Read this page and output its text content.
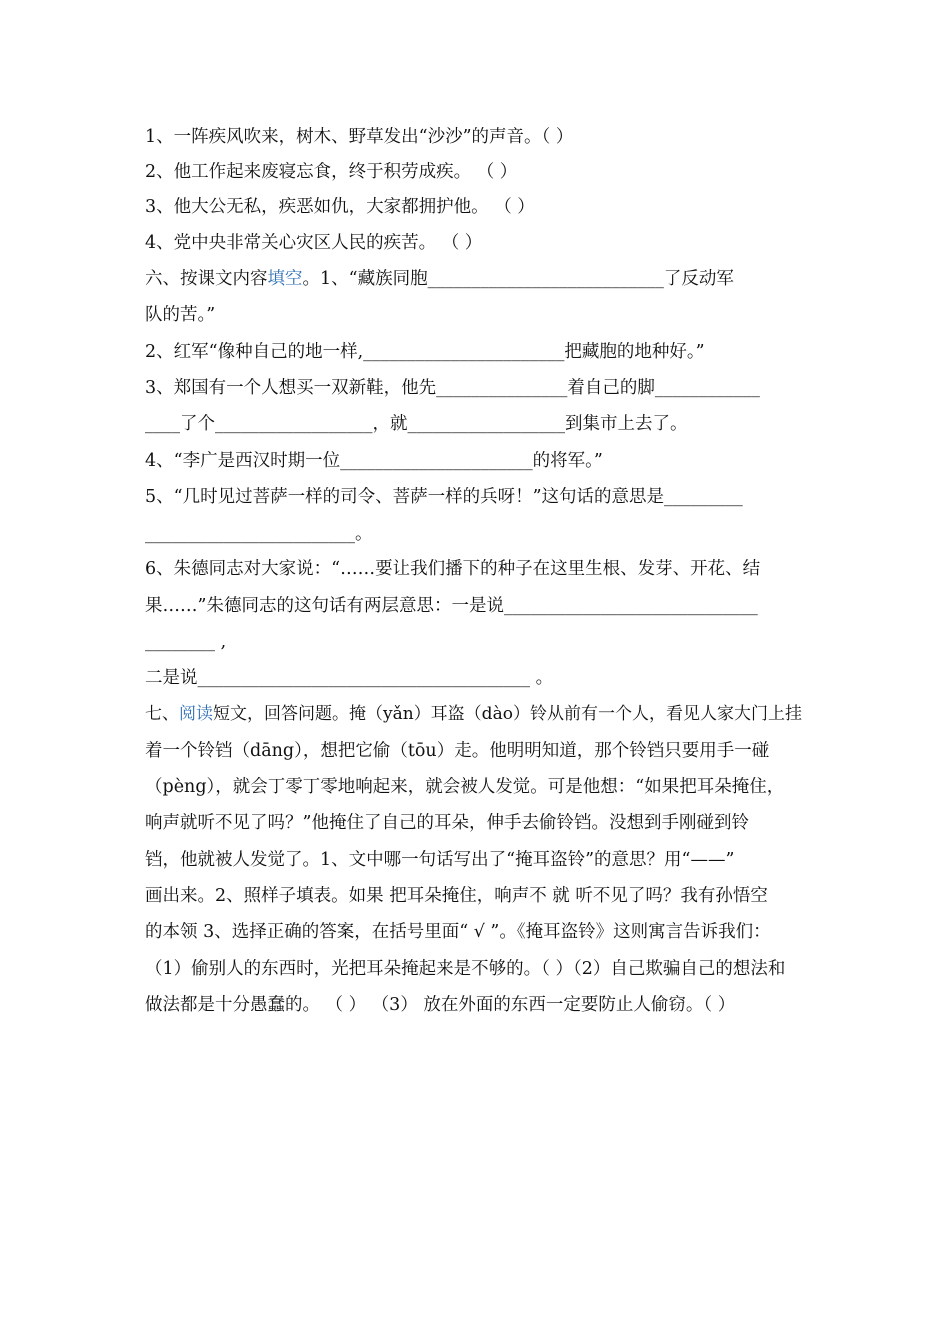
1、一阵疾风吹来，树木、野草发出“沙沙”的声音。（ ）
2、他工作起来废寝忘食，终于积劳成疾。 （ ）
3、他大公无私，疾恶如仇，大家都拥护他。 （ ）
4、党中央非常关心灾区人民的疾苦。 （ ）
六、按课文内容填空。1、“藏族同胞___________________________了反动军
队的苦。”
2、红军“像种自己的地一样,_______________________把藏胞的地种好。”
3、郑国有一个人想买一双新鞋，他先_______________着自己的脚____________
____了个__________________，就__________________到集市上去了。
4、“李广是西汉时期一位______________________的将军。”
5、“几时见过菩萨一样的司令、菩萨一样的兵呀！”这句话的意思是_________
________________________。
6、朱德同志对大家说：“……要让我们播下的种子在这里生根、发芽、开花、结
果……”朱德同志的这句话有两层意思：一是说_____________________________
________ ,
二是说______________________________________ 。
七、阅读短文，回答问题。掩（yǎn）耳盗（dào）铃从前有一个人，看见人家大门上挂
着一个铃铛（dāng），想把它偷（tōu）走。他明明知道，那个铃铛只要用手一碰
（pèng），就会丁零丁零地响起来，就会被人发觉。可是他想：“如果把耳朵掩住，
响声就听不见了吗？”他掩住了自己的耳朵，伸手去偷铃铛。没想到手刚碰到铃
铛，他就被人发觉了。1、文中哪一句话写出了“掩耳盗铃”的意思？用“——”
画出来。2、照样子填表。如果 把耳朵掩住，响声不 就 听不见了吗？我有孙悟空
的本领 3、选择正确的答案，在括号里面“ √ ”。《掩耳盗铃》这则寓言告诉我们：
（1）偷别人的东西时，光把耳朵掩起来是不够的。（ ）（2）自己欺骗自己的想法和
做法都是十分愚蠢的。 （ ） （3） 放在外面的东西一定要防止人偷窃。（ ）
